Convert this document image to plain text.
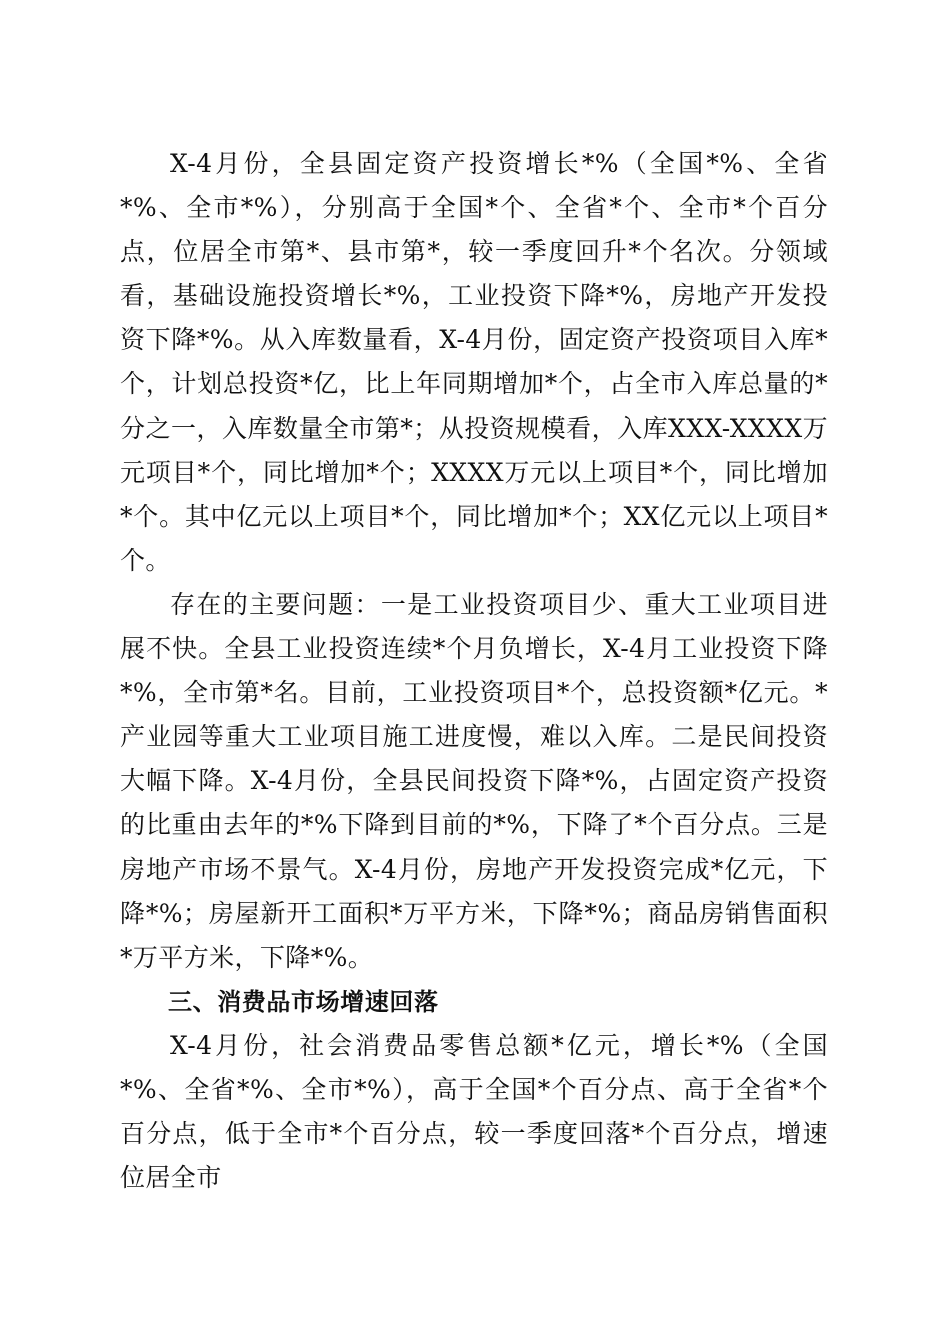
X-4月份，全县固定资产投资增长*%（全国*%、全省*%、全市*%），分别高于全国*个、全省*个、全市*个百分点，位居全市第*、县市第*，较一季度回升*个名次。分领域看，基础设施投资增长*%，工业投资下降*%，房地产开发投资下降*%。从入库数量看，X-4月份，固定资产投资项目入库*个，计划总投资*亿，比上年同期增加*个，占全市入库总量的*分之一，入库数量全市第*；从投资规模看，入库XXX-XXXX万元项目*个，同比增加*个；XXXX万元以上项目*个，同比增加*个。其中亿元以上项目*个，同比增加*个；XX亿元以上项目*个。

存在的主要问题：一是工业投资项目少、重大工业项目进展不快。全县工业投资连续*个月负增长，X-4月工业投资下降*%，全市第*名。目前，工业投资项目*个，总投资额*亿元。*产业园等重大工业项目施工进度慢，难以入库。二是民间投资大幅下降。X-4月份，全县民间投资下降*%，占固定资产投资的比重由去年的*%下降到目前的*%，下降了*个百分点。三是房地产市场不景气。X-4月份，房地产开发投资完成*亿元，下降*%；房屋新开工面积*万平方米，下降*%；商品房销售面积*万平方米，下降*%。

三、消费品市场增速回落

X-4月份，社会消费品零售总额*亿元，增长*%（全国*%、全省*%、全市*%），高于全国*个百分点、高于全省*个百分点，低于全市*个百分点，较一季度回落*个百分点，增速位居全市
